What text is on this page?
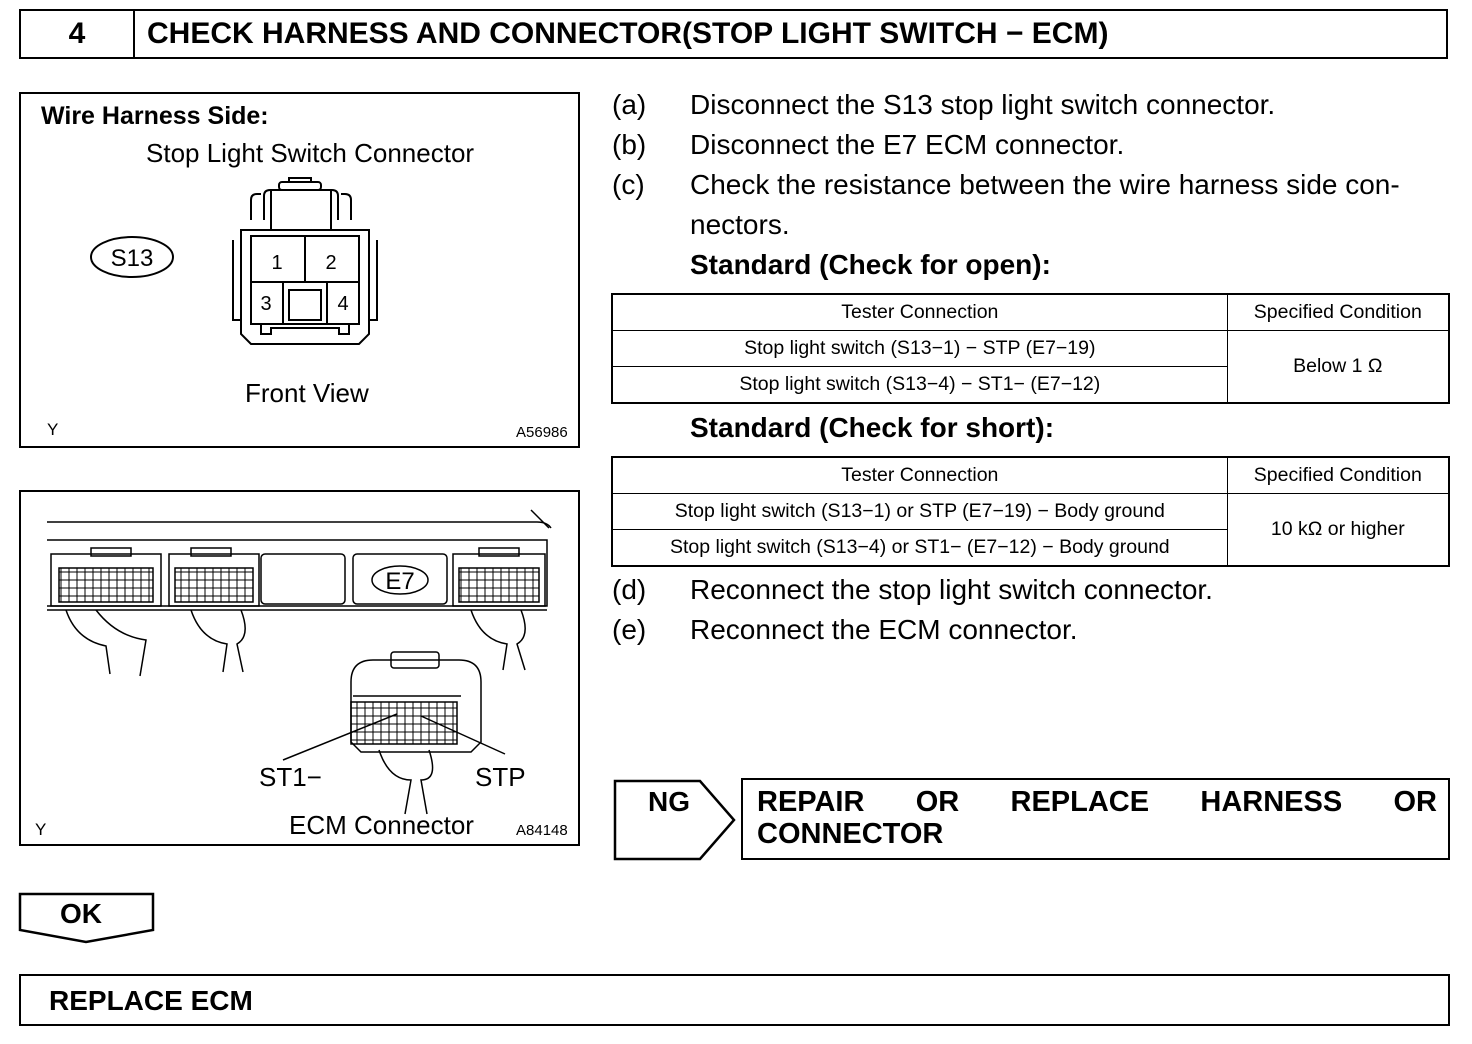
4	CHECK HARNESS AND CONNECTOR(STOP LIGHT SWITCH − ECM)
S13	1 2
3	4
Wire Harness Side:
Stop Light Switch Connector
Front View
Y	A56986
E7
ST1−	STP
ECM Connector
Y	A84148
(a) Disconnect the S13 stop light switch connector.
(b) Disconnect the E7 ECM connector.
(c) Check the resistance between the wire harness side con-
nectors.
Standard (Check for open):
Tester Connection	Specified Condition
Stop light switch (S13−1) − STP (E7−19)	Below 1 Ω
Stop light switch (S13−4) − ST1− (E7−12)	
Standard (Check for short):
Tester Connection	Specified Condition
Stop light switch (S13−1) or STP (E7−19) − Body ground	10 kΩ or higher
Stop light switch (S13−4) or ST1− (E7−12) − Body ground	
(d) Reconnect the stop light switch connector.
(e) Reconnect the ECM connector.
NG REPAIR OR REPLACE HARNESS OR
CONNECTOR
OK
REPLACE ECM
